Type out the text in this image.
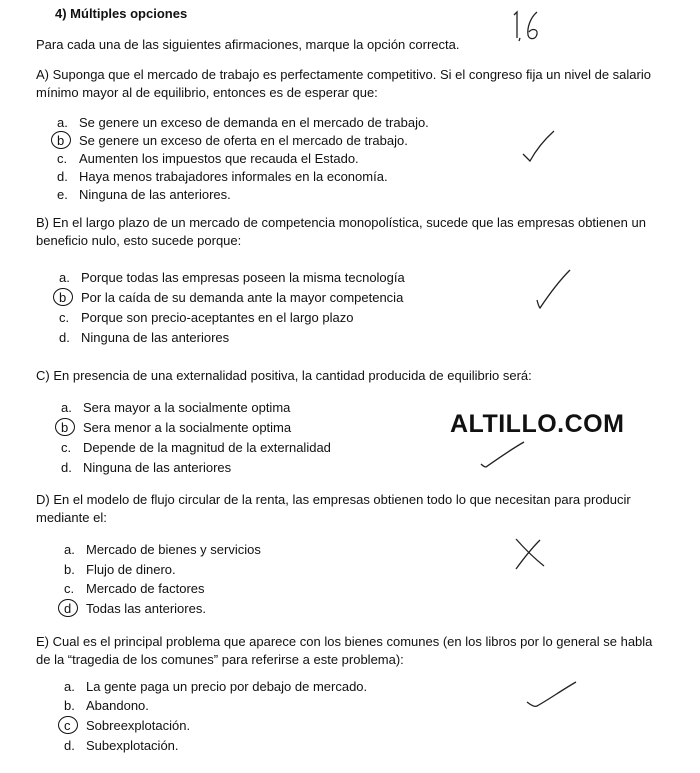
4) Múltiples opciones
Para cada una de las siguientes afirmaciones, marque la opción correcta.
A) Suponga que el mercado de trabajo es perfectamente competitivo. Si el congreso fija un nivel de salario mínimo mayor al de equilibrio, entonces es de esperar que:
a. Se genere un exceso de demanda en el mercado de trabajo.
b Se genere un exceso de oferta en el mercado de trabajo.
c. Aumenten los impuestos que recauda el Estado.
d. Haya menos trabajadores informales en la economía.
e. Ninguna de las anteriores.
B) En el largo plazo de un mercado de competencia monopolística, sucede que las empresas obtienen un beneficio nulo, esto sucede porque:
a. Porque todas las empresas poseen la misma tecnología
b Por la caída de su demanda ante la mayor competencia
c. Porque son precio-aceptantes en el largo plazo
d. Ninguna de las anteriores
C) En presencia de una externalidad positiva, la cantidad producida de equilibrio será:
a. Sera mayor a la socialmente optima
b Sera menor a la socialmente optima
c. Depende de la magnitud de la externalidad
d. Ninguna de las anteriores
ALTILLO.COM
D) En el modelo de flujo circular de la renta, las empresas obtienen todo lo que necesitan para producir mediante el:
a. Mercado de bienes y servicios
b. Flujo de dinero.
c. Mercado de factores
d Todas las anteriores.
E) Cual es el principal problema que aparece con los bienes comunes (en los libros por lo general se habla de la “tragedia de los comunes” para referirse a este problema):
a. La gente paga un precio por debajo de mercado.
b. Abandono.
c Sobreexplotación.
d. Subexplotación.
